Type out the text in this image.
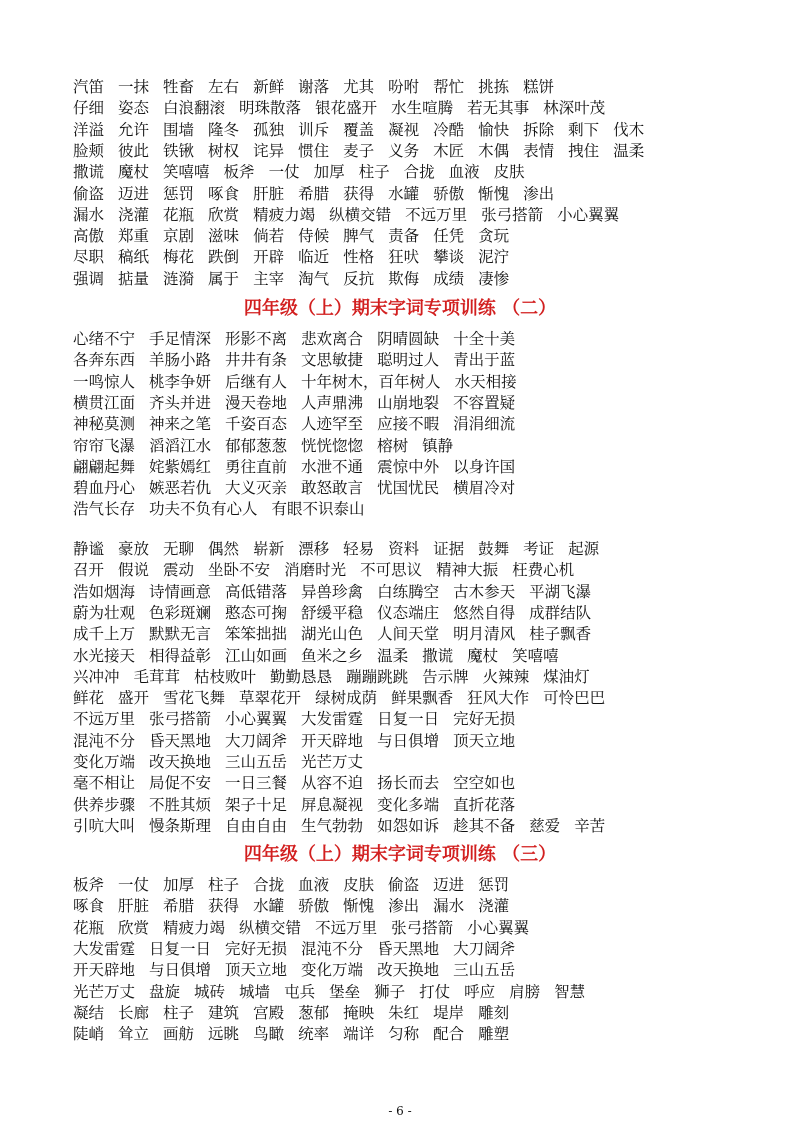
汽笛 一抹 牲畜 左右 新鲜 谢落 尤其 吩咐 帮忙 挑拣 糕饼
仔细 姿态 白浪翻滚 明珠散落 银花盛开 水生喧腾 若无其事 林深叶茂
洋溢 允许 围墙 隆冬 孤独 训斥 覆盖 凝视 冷酷 愉快 拆除 剩下 伐木
脸颊 彼此 铁锹 树权 诧异 惯住 麦子 义务 木匠 木偶 表情 拽住 温柔
撒谎 魔杖 笑嘻嘻 板斧 一仗 加厚 柱子 合拢 血液 皮肤
偷盗 迈进 惩罚 啄食 肝脏 希腊 获得 水罐 骄傲 惭愧 渗出
漏水 浇灌 花瓶 欣赏 精疲力竭 纵横交错 不远万里 张弓搭箭 小心翼翼
高傲 郑重 京剧 滋味 倘若 侍候 脾气 责备 任凭 贪玩
尽职 稿纸 梅花 跌倒 开辟 临近 性格 狂吠 攀谈 泥泞
强调 掂量 涟漪 属于 主宰 淘气 反抗 欺侮 成绩 凄惨
四年级（上）期末字词专项训练 （二）
心绪不宁 手足情深 形影不离 悲欢离合 阴晴圆缺 十全十美
各奔东西 羊肠小路 井井有条 文思敏捷 聪明过人 青出于蓝
一鸣惊人 桃李争妍 后继有人 十年树木，百年树人 水天相接
横贯江面 齐头并进 漫天卷地 人声鼎沸 山崩地裂 不容置疑
神秘莫测 神来之笔 千姿百态 人迹罕至 应接不暇 涓涓细流
帘帘飞瀑 滔滔江水 郁郁葱葱 恍恍惚惚 榕树 镇静
翩翩起舞 姹紫嫣红 勇往直前 水泄不通 震惊中外 以身许国
碧血丹心 嫉恶若仇 大义灭亲 敢怒敢言 忧国忧民 横眉冷对
浩气长存 功夫不负有心人 有眼不识泰山
静谧 豪放 无聊 偶然 崭新 漂移 轻易 资料 证据 鼓舞 考证 起源
召开 假说 震动 坐卧不安 消磨时光 不可思议 精神大振 枉费心机
浩如烟海 诗情画意 高低错落 异兽珍禽 白练腾空 古木参天 平湖飞瀑
蔚为壮观 色彩斑斓 憨态可掬 舒缓平稳 仪态端庄 悠然自得 成群结队
成千上万 默默无言 笨笨拙拙 湖光山色 人间天堂 明月清风 桂子飘香
水光接天 相得益彰 江山如画 鱼米之乡 温柔 撒谎 魔杖 笑嘻嘻
兴冲冲 毛茸茸 枯枝败叶 勤勤恳恳 蹦蹦跳跳 告示牌 火辣辣 煤油灯
鲜花 盛开 雪花飞舞 草翠花开 绿树成荫 鲜果飘香 狂风大作 可怜巴巴
不远万里 张弓搭箭 小心翼翼 大发雷霆 日复一日 完好无损
混沌不分 昏天黑地 大刀阔斧 开天辟地 与日俱增 顶天立地
变化万端 改天换地 三山五岳 光芒万丈
毫不相让 局促不安 一日三餐 从容不迫 扬长而去 空空如也
供养步骤 不胜其烦 架子十足 屏息凝视 变化多端 直折花落
引吭大叫 慢条斯理 自由自由 生气勃勃 如怨如诉 趁其不备 慈爱 辛苦
四年级（上）期末字词专项训练 （三）
板斧 一仗 加厚 柱子 合拢 血液 皮肤 偷盗 迈进 惩罚
啄食 肝脏 希腊 获得 水罐 骄傲 惭愧 渗出 漏水 浇灌
花瓶 欣赏 精疲力竭 纵横交错 不远万里 张弓搭箭 小心翼翼
大发雷霆 日复一日 完好无损 混沌不分 昏天黑地 大刀阔斧
开天辟地 与日俱增 顶天立地 变化万端 改天换地 三山五岳
光芒万丈 盘旋 城砖 城墙 屯兵 堡垒 狮子 打仗 呼应 肩膀 智慧
凝结 长廊 柱子 建筑 宫殿 葱郁 掩映 朱红 堤岸 雕刻
陡峭 耸立 画舫 远眺 鸟瞰 统率 端详 匀称 配合 雕塑
- 6 -
